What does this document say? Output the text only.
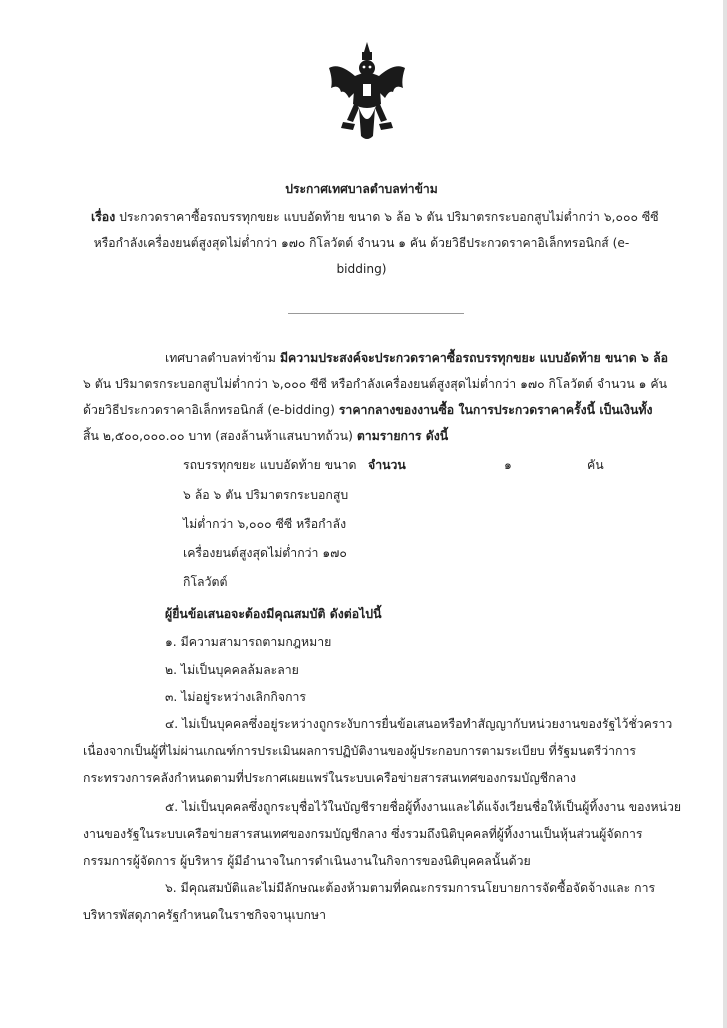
ประกาศเทศบาลตำบลท่าข้าม
เรื่อง ประกวดราคาซื้อรถบรรทุกขยะ แบบอัดท้าย ขนาด ๖ ล้อ ๖ ตัน ปริมาตรกระบอกสูบไม่ต่ำกว่า ๖,๐๐๐ ซีซี
หรือกำลังเครื่องยนต์สูงสุดไม่ต่ำกว่า ๑๗๐ กิโลวัตต์ จำนวน ๑ คัน ด้วยวิธีประกวดราคาอิเล็กทรอนิกส์ (e-
bidding)
เทศบาลตำบลท่าข้าม มีความประสงค์จะประกวดราคาซื้อรถบรรทุกขยะ แบบอัดท้าย ขนาด ๖ ล้อ
๖ ตัน ปริมาตรกระบอกสูบไม่ต่ำกว่า ๖,๐๐๐ ซีซี หรือกำลังเครื่องยนต์สูงสุดไม่ต่ำกว่า ๑๗๐ กิโลวัตต์ จำนวน ๑ คัน
ด้วยวิธีประกวดราคาอิเล็กทรอนิกส์ (e-bidding) ราคากลางของงานซื้อ ในการประกวดราคาครั้งนี้ เป็นเงินทั้ง
สิ้น ๒,๕๐๐,๐๐๐.๐๐ บาท (สองล้านห้าแสนบาทถ้วน) ตามรายการ ดังนี้
รถบรรทุกขยะ แบบอัดท้าย ขนาด
๖ ล้อ ๖ ตัน ปริมาตรกระบอกสูบ
ไม่ต่ำกว่า ๖,๐๐๐ ซีซี หรือกำลัง
เครื่องยนต์สูงสุดไม่ต่ำกว่า ๑๗๐
กิโลวัตต์
จำนวน	๑	คัน
ผู้ยื่นข้อเสนอจะต้องมีคุณสมบัติ ดังต่อไปนี้
๑. มีความสามารถตามกฎหมาย
๒. ไม่เป็นบุคคลล้มละลาย
๓. ไม่อยู่ระหว่างเลิกกิจการ
๔. ไม่เป็นบุคคลซึ่งอยู่ระหว่างถูกระงับการยื่นข้อเสนอหรือทำสัญญากับหน่วยงานของรัฐไว้ชั่วคราว
เนื่องจากเป็นผู้ที่ไม่ผ่านเกณฑ์การประเมินผลการปฏิบัติงานของผู้ประกอบการตามระเบียบ ที่รัฐมนตรีว่าการ
กระทรวงการคลังกำหนดตามที่ประกาศเผยแพร่ในระบบเครือข่ายสารสนเทศของกรมบัญชีกลาง
๕. ไม่เป็นบุคคลซึ่งถูกระบุชื่อไว้ในบัญชีรายชื่อผู้ทิ้งงานและได้แจ้งเวียนชื่อให้เป็นผู้ทิ้งงาน ของหน่วย
งานของรัฐในระบบเครือข่ายสารสนเทศของกรมบัญชีกลาง ซึ่งรวมถึงนิติบุคคลที่ผู้ทิ้งงานเป็นหุ้นส่วนผู้จัดการ
กรรมการผู้จัดการ ผู้บริหาร ผู้มีอำนาจในการดำเนินงานในกิจการของนิติบุคคลนั้นด้วย
๖. มีคุณสมบัติและไม่มีลักษณะต้องห้ามตามที่คณะกรรมการนโยบายการจัดซื้อจัดจ้างและ การ
บริหารพัสดุภาครัฐกำหนดในราชกิจจานุเบกษา
